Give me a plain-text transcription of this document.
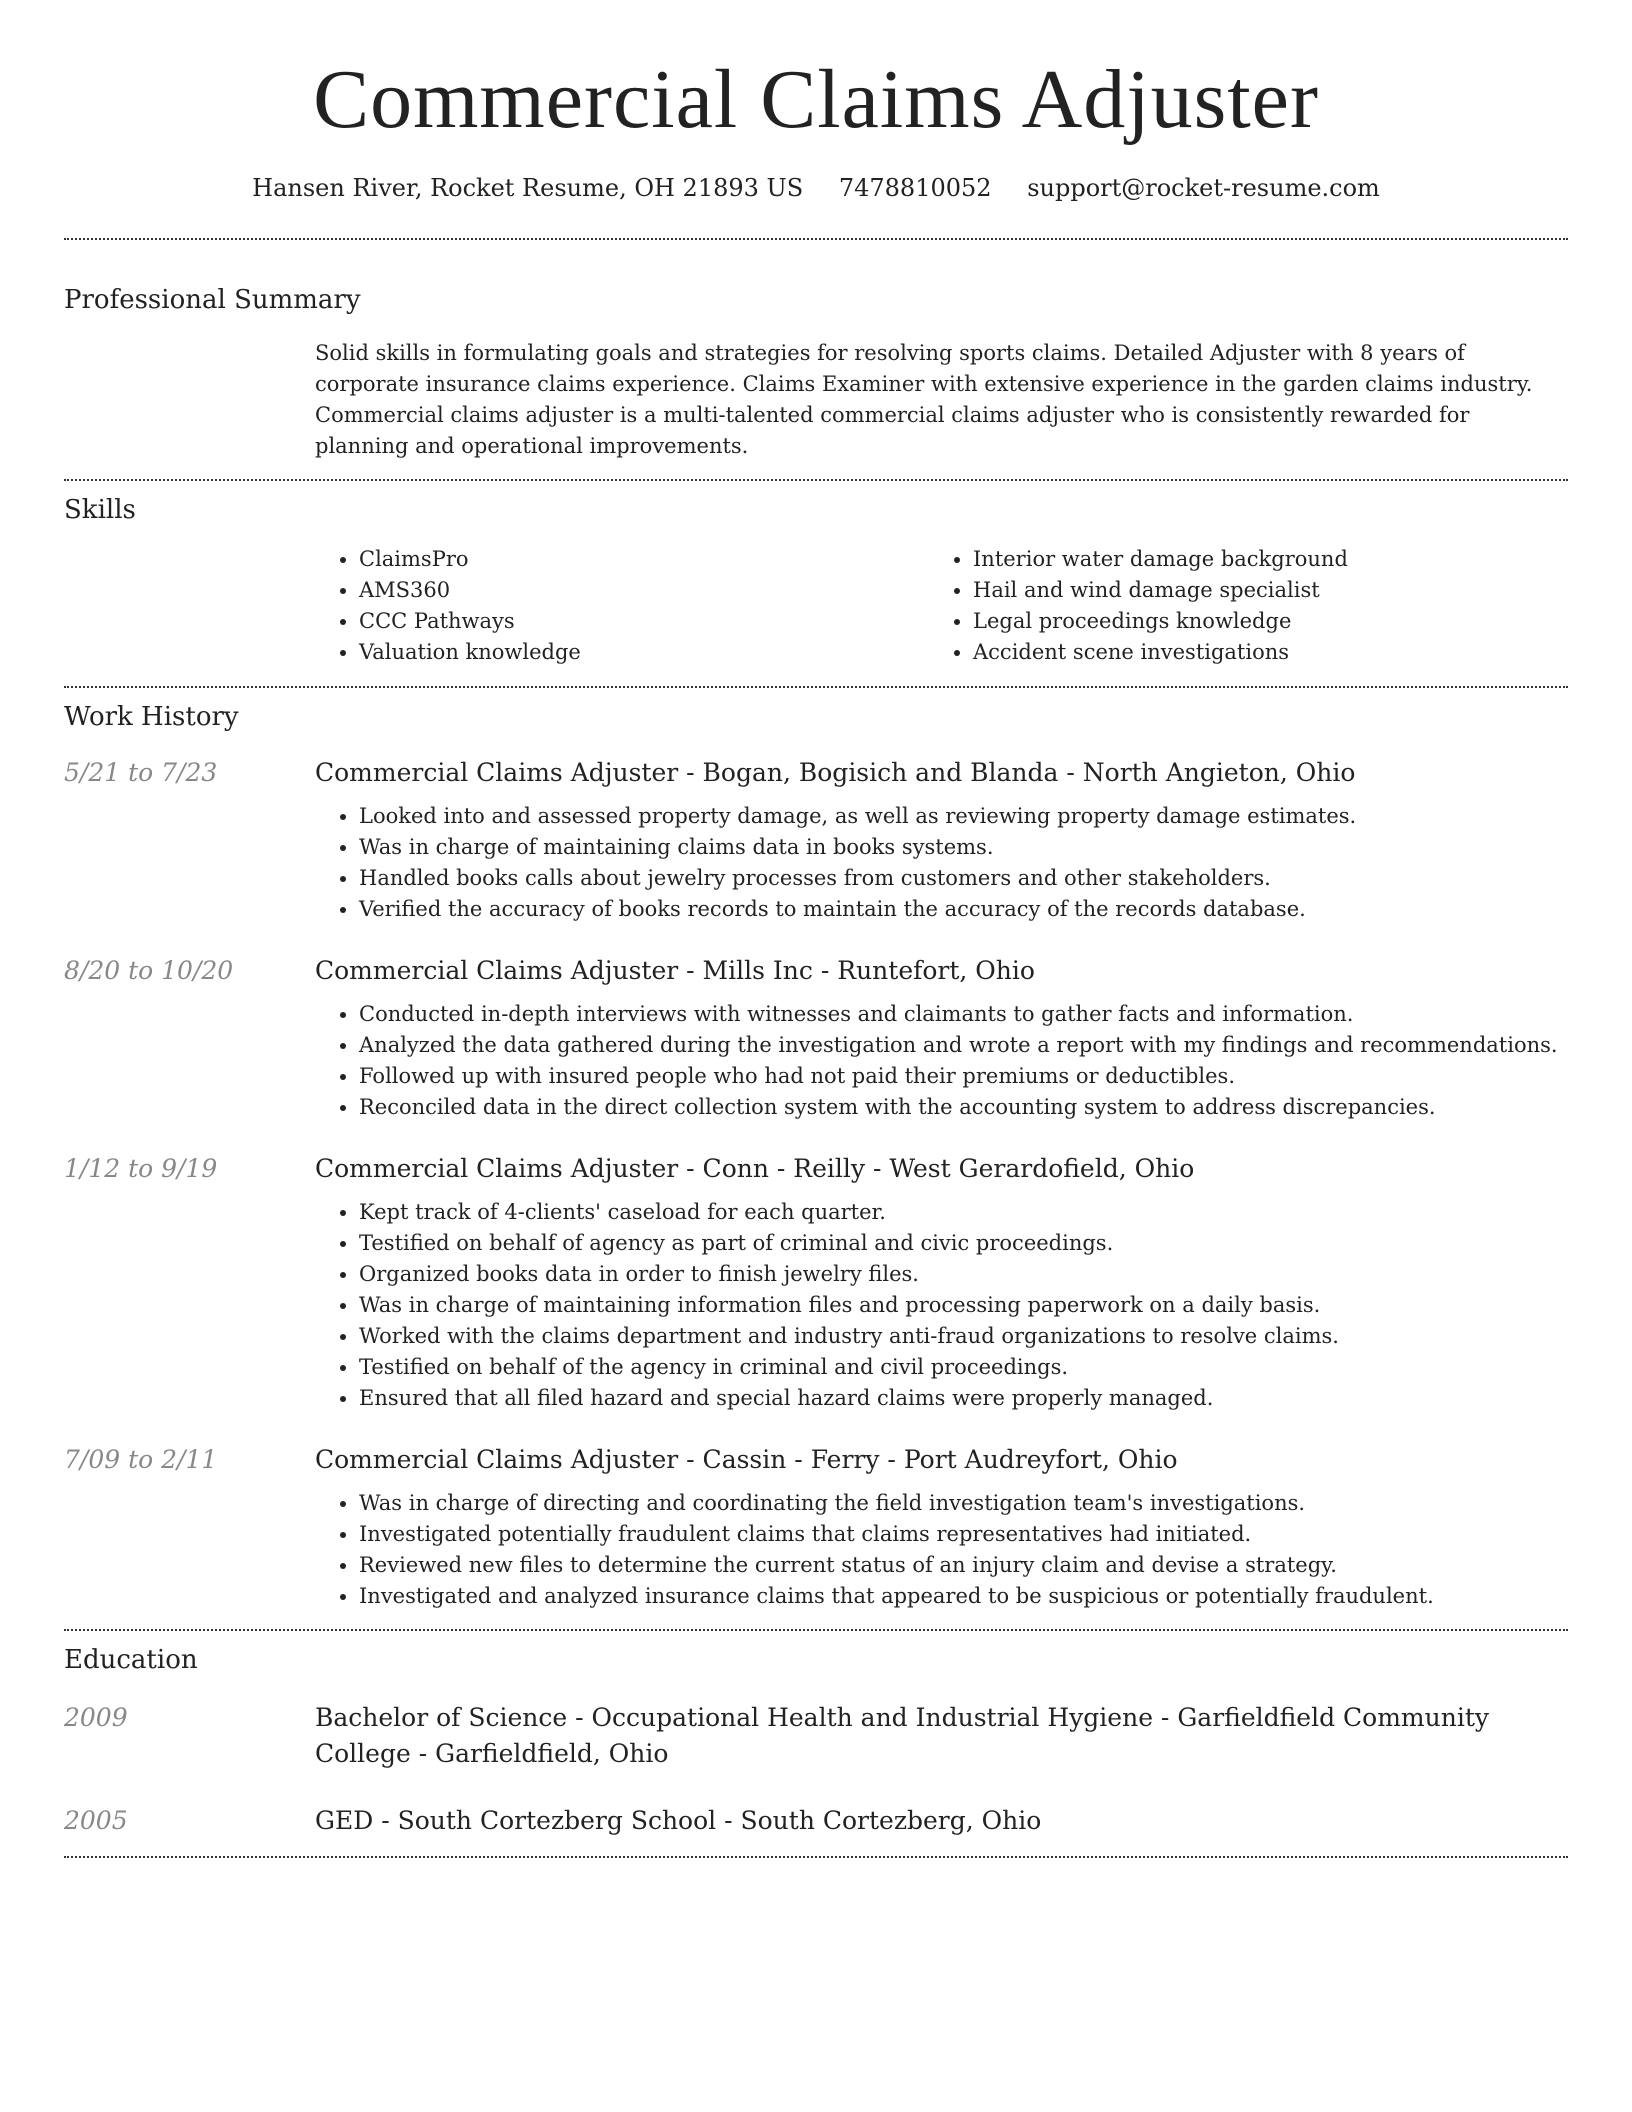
Commercial Claims Adjuster
Hansen River, Rocket Resume, OH 21893 US 7478810052 support@rocket-resume.com
Professional Summary
Solid skills in formulating goals and strategies for resolving sports claims. Detailed Adjuster with 8 years of corporate insurance claims experience. Claims Examiner with extensive experience in the garden claims industry. Commercial claims adjuster is a multi-talented commercial claims adjuster who is consistently rewarded for planning and operational improvements.
Skills
• ClaimsPro
• AMS360
• CCC Pathways
• Valuation knowledge
• Interior water damage background
• Hail and wind damage specialist
• Legal proceedings knowledge
• Accident scene investigations
Work History
5/21 to 7/23	Commercial Claims Adjuster - Bogan, Bogisich and Blanda - North Angieton, Ohio
• Looked into and assessed property damage, as well as reviewing property damage estimates.
• Was in charge of maintaining claims data in books systems.
• Handled books calls about jewelry processes from customers and other stakeholders.
• Verified the accuracy of books records to maintain the accuracy of the records database.
8/20 to 10/20	Commercial Claims Adjuster - Mills Inc - Runtefort, Ohio
• Conducted in-depth interviews with witnesses and claimants to gather facts and information.
• Analyzed the data gathered during the investigation and wrote a report with my findings and recommendations.
• Followed up with insured people who had not paid their premiums or deductibles.
• Reconciled data in the direct collection system with the accounting system to address discrepancies.
1/12 to 9/19	Commercial Claims Adjuster - Conn - Reilly - West Gerardofield, Ohio
• Kept track of 4-clients' caseload for each quarter.
• Testified on behalf of agency as part of criminal and civic proceedings.
• Organized books data in order to finish jewelry files.
• Was in charge of maintaining information files and processing paperwork on a daily basis.
• Worked with the claims department and industry anti-fraud organizations to resolve claims.
• Testified on behalf of the agency in criminal and civil proceedings.
• Ensured that all filed hazard and special hazard claims were properly managed.
7/09 to 2/11	Commercial Claims Adjuster - Cassin - Ferry - Port Audreyfort, Ohio
• Was in charge of directing and coordinating the field investigation team's investigations.
• Investigated potentially fraudulent claims that claims representatives had initiated.
• Reviewed new files to determine the current status of an injury claim and devise a strategy.
• Investigated and analyzed insurance claims that appeared to be suspicious or potentially fraudulent.
Education
2009	Bachelor of Science - Occupational Health and Industrial Hygiene - Garfieldfield Community College - Garfieldfield, Ohio
2005	GED - South Cortezberg School - South Cortezberg, Ohio
